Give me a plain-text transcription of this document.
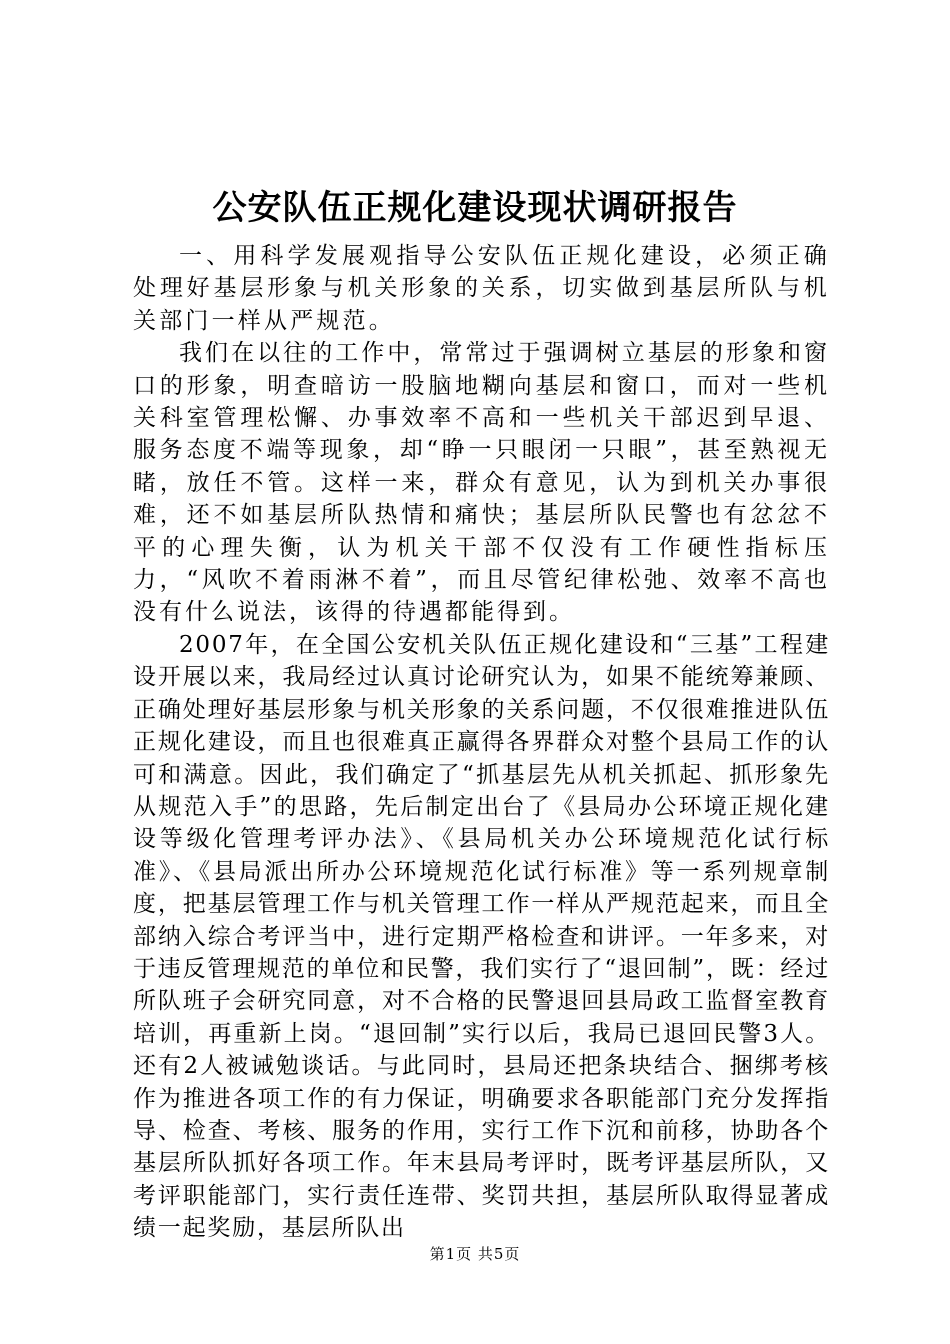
公安队伍正规化建设现状调研报告

一、用科学发展观指导公安队伍正规化建设，必须正确处理好基层形象与机关形象的关系，切实做到基层所队与机关部门一样从严规范。

我们在以往的工作中，常常过于强调树立基层的形象和窗口的形象，明查暗访一股脑地糊向基层和窗口，而对一些机关科室管理松懈、办事效率不高和一些机关干部迟到早退、服务态度不端等现象，却“睁一只眼闭一只眼”，甚至熟视无睹，放任不管。这样一来，群众有意见，认为到机关办事很难，还不如基层所队热情和痛快；基层所队民警也有忿忿不平的心理失衡，认为机关干部不仅没有工作硬性指标压力，“风吹不着雨淋不着”，而且尽管纪律松弛、效率不高也没有什么说法，该得的待遇都能得到。

2007年，在全国公安机关队伍正规化建设和“三基”工程建设开展以来，我局经过认真讨论研究认为，如果不能统筹兼顾、正确处理好基层形象与机关形象的关系问题，不仅很难推进队伍正规化建设，而且也很难真正赢得各界群众对整个县局工作的认可和满意。因此，我们确定了“抓基层先从机关抓起、抓形象先从规范入手”的思路，先后制定出台了《县局办公环境正规化建设等级化管理考评办法》、《县局机关办公环境规范化试行标准》、《县局派出所办公环境规范化试行标准》等一系列规章制度，把基层管理工作与机关管理工作一样从严规范起来，而且全部纳入综合考评当中，进行定期严格检查和讲评。一年多来，对于违反管理规范的单位和民警，我们实行了“退回制”，既：经过所队班子会研究同意，对不合格的民警退回县局政工监督室教育培训，再重新上岗。“退回制”实行以后，我局已退回民警3人。还有2人被诫勉谈话。与此同时，县局还把条块结合、捆绑考核作为推进各项工作的有力保证，明确要求各职能部门充分发挥指导、检查、考核、服务的作用，实行工作下沉和前移，协助各个基层所队抓好各项工作。年末县局考评时，既考评基层所队，又考评职能部门，实行责任连带、奖罚共担，基层所队取得显著成绩一起奖励，基层所队出

第1页 共5页
